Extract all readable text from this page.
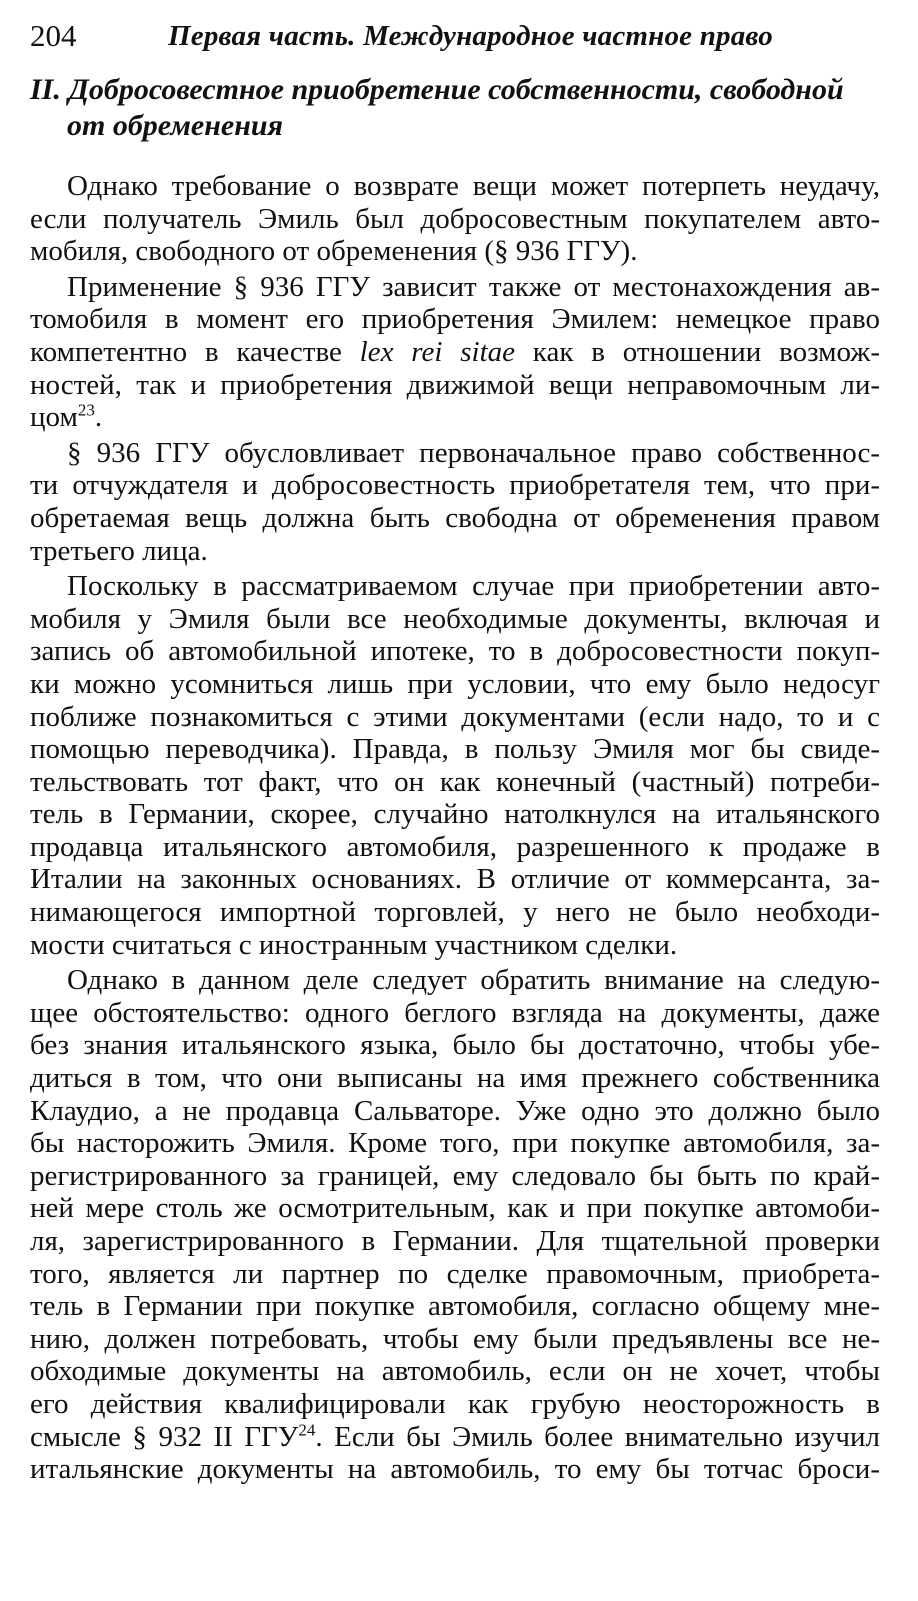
204	Первая часть. Международное частное право
II. Добросовестное приобретение собственности, свободной
от обременения
Однако требование о возврате вещи может потерпеть неудачу,
если получатель Эмиль был добросовестным покупателем авто-
мобиля, свободного от обременения (§ 936 ГГУ).
Применение § 936 ГГУ зависит также от местонахождения ав-
томобиля в момент его приобретения Эмилем: немецкое право
компетентно в качестве lex rei sitae как в отношении возмож-
ностей, так и приобретения движимой вещи неправомочным ли-
цом$^{23}$.
§ 936 ГГУ обусловливает первоначальное право собственнос-
ти отчуждателя и добросовестность приобретателя тем, что при-
обретаемая вещь должна быть свободна от обременения правом
третьего лица.
Поскольку в рассматриваемом случае при приобретении авто-
мобиля у Эмиля были все необходимые документы, включая и
запись об автомобильной ипотеке, то в добросовестности покуп-
ки можно усомниться лишь при условии, что ему было недосуг
поближе познакомиться с этими документами (если надо, то и с
помощью переводчика). Правда, в пользу Эмиля мог бы свиде-
тельствовать тот факт, что он как конечный (частный) потреби-
тель в Германии, скорее, случайно натолкнулся на итальянского
продавца итальянского автомобиля, разрешенного к продаже в
Италии на законных основаниях. В отличие от коммерсанта, за-
нимающегося импортной торговлей, у него не было необходи-
мости считаться с иностранным участником сделки.
Однако в данном деле следует обратить внимание на следую-
щее обстоятельство: одного беглого взгляда на документы, даже
без знания итальянского языка, было бы достаточно, чтобы убе-
диться в том, что они выписаны на имя прежнего собственника
Клаудио, а не продавца Сальваторе. Уже одно это должно было
бы насторожить Эмиля. Кроме того, при покупке автомобиля, за-
регистрированного за границей, ему следовало бы быть по край-
ней мере столь же осмотрительным, как и при покупке автомоби-
ля, зарегистрированного в Германии. Для тщательной проверки
того, является ли партнер по сделке правомочным, приобрета-
тель в Германии при покупке автомобиля, согласно общему мне-
нию, должен потребовать, чтобы ему были предъявлены все не-
обходимые документы на автомобиль, если он не хочет, чтобы
его действия квалифицировали как грубую неосторожность в
смысле § 932 II ГГУ$^{24}$. Если бы Эмиль более внимательно изучил
итальянские документы на автомобиль, то ему бы тотчас броси-
